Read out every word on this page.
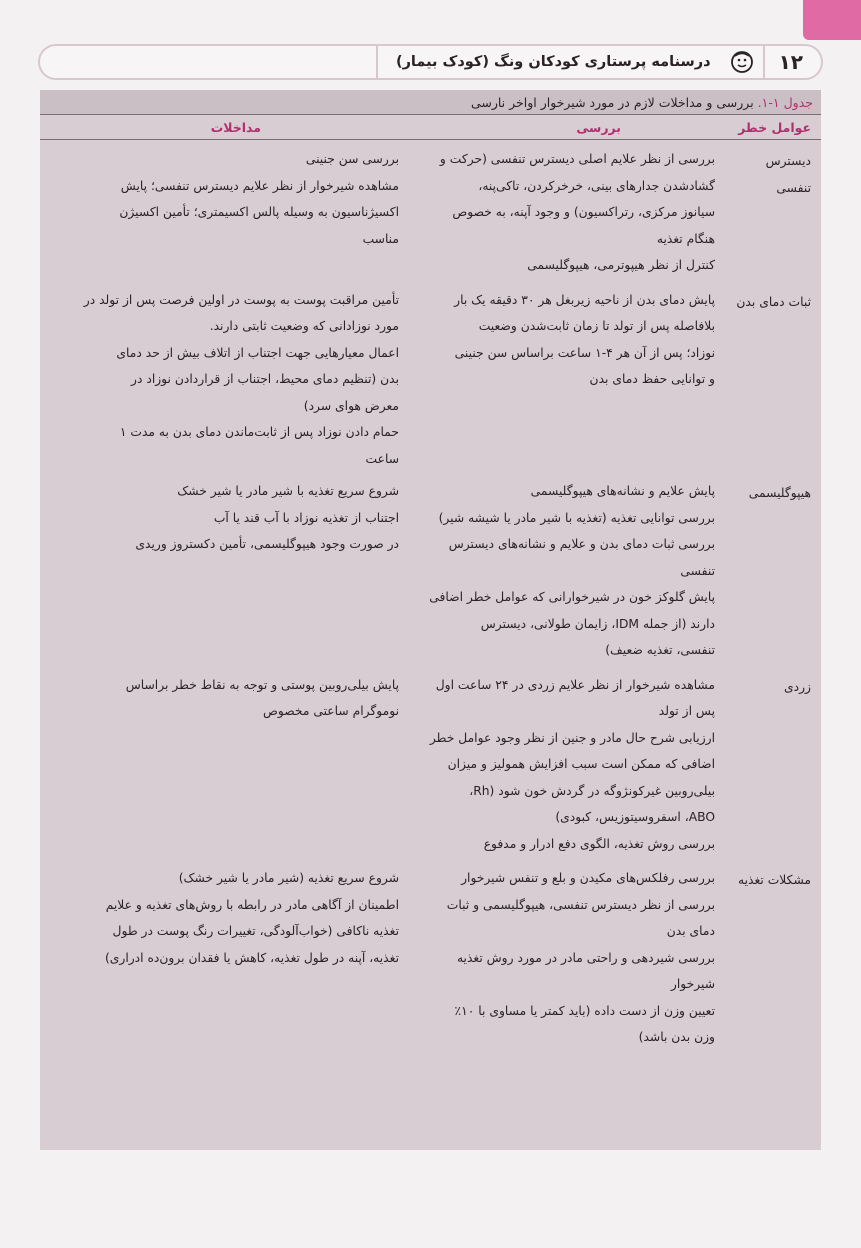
۱۲
درسنامه پرستاری کودکان ونگ (کودک بیمار)
جدول ۱-۱.
بررسی و مداخلات لازم در مورد شیرخوار اواخر نارسی
عوامل خطر
بررسی
مداخلات
دیسترس تنفسی
بررسی از نظر علایم اصلی دیسترس تنفسی (حرکت و
گشادشدن جدارهای بینی، خرخرکردن، تاکی‌پنه،
سیانوز مرکزی، رتراکسیون) و وجود آپنه، به خصوص
هنگام تغذیه
کنترل از نظر هیپوترمی، هیپوگلیسمی
بررسی سن جنینی
مشاهده شیرخوار از نظر علایم دیسترس تنفسی؛ پایش
اکسیژناسیون به وسیله پالس اکسیمتری؛ تأمین اکسیژن
مناسب
ثبات دمای بدن
پایش دمای بدن از ناحیه زیربغل هر ۳۰ دقیقه یک بار
بلافاصله پس از تولد تا زمان ثابت‌شدن وضعیت
نوزاد؛ پس از آن هر ۴-۱ ساعت براساس سن جنینی
و توانایی حفظ دمای بدن
تأمین مراقبت پوست به پوست در اولین فرصت پس از تولد در
مورد نوزادانی که وضعیت ثابتی دارند.
اعمال معیارهایی جهت اجتناب از اتلاف بیش از حد دمای
بدن (تنظیم دمای محیط، اجتناب از قراردادن نوزاد در
معرض هوای سرد)
حمام دادن نوزاد پس از ثابت‌ماندن دمای بدن به مدت ۱
ساعت
هیپوگلیسمی
پایش علایم و نشانه‌های هیپوگلیسمی
بررسی توانایی تغذیه (تغذیه با شیر مادر یا شیشه شیر)
بررسی ثبات دمای بدن و علایم و نشانه‌های دیسترس
تنفسی
پایش گلوکز خون در شیرخوارانی که عوامل خطر اضافی
دارند (از جمله IDM، زایمان طولانی، دیسترس
تنفسی، تغذیه ضعیف)
شروع سریع تغذیه با شیر مادر یا شیر خشک
اجتناب از تغذیه نوزاد با آب قند یا آب
در صورت وجود هیپوگلیسمی، تأمین دکستروز وریدی
زردی
مشاهده شیرخوار از نظر علایم زردی در ۲۴ ساعت اول
پس از تولد
ارزیابی شرح حال مادر و جنین از نظر وجود عوامل خطر
اضافی که ممکن است سبب افزایش همولیز و میزان
بیلی‌روبین غیرکونژوگه در گردش خون شود (Rh،
ABO، اسفروسیتوزیس، کبودی)
بررسی روش تغذیه، الگوی دفع ادرار و مدفوع
پایش بیلی‌روبین پوستی و توجه به نقاط خطر براساس
نوموگرام ساعتی مخصوص
مشکلات تغذیه
بررسی رفلکس‌های مکیدن و بلع و تنفس شیرخوار
بررسی از نظر دیسترس تنفسی، هیپوگلیسمی و ثبات
دمای بدن
بررسی شیردهی و راحتی مادر در مورد روش تغذیه
شیرخوار
تعیین وزن از دست داده (باید کمتر یا مساوی با ۱۰٪
وزن بدن باشد)
شروع سریع تغذیه (شیر مادر یا شیر خشک)
اطمینان از آگاهی مادر در رابطه با روش‌های تغذیه و علایم
تغذیه ناکافی (خواب‌آلودگی، تغییرات رنگ پوست در طول
تغذیه، آپنه در طول تغذیه، کاهش یا فقدان برون‌ده ادراری)
